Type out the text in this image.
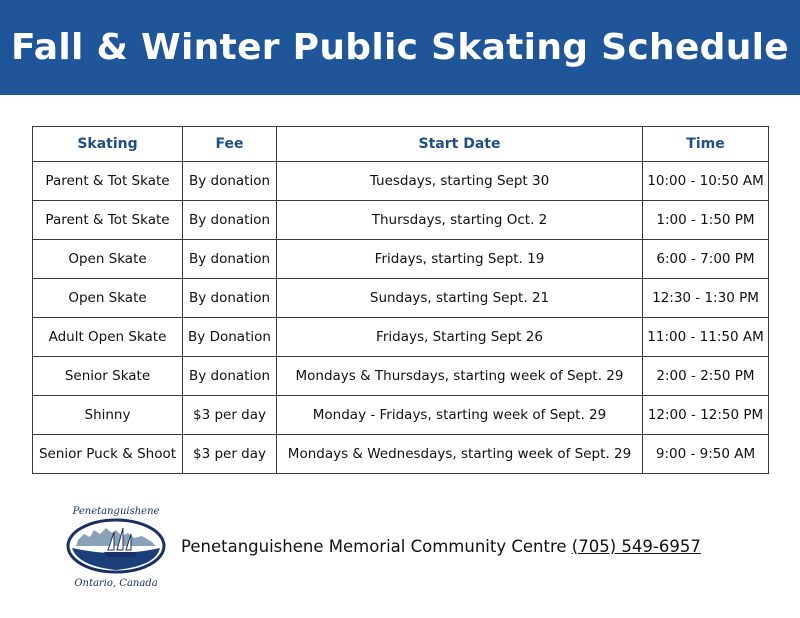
Fall & Winter Public Skating Schedule
Skating	Fee	Start Date	Time
Parent & Tot Skate	By donation	Tuesdays, starting Sept 30	10:00 - 10:50 AM
Parent & Tot Skate	By donation	Thursdays, starting Oct. 2	1:00 - 1:50 PM
Open Skate	By donation	Fridays, starting Sept. 19	6:00 - 7:00 PM
Open Skate	By donation	Sundays, starting Sept. 21	12:30 - 1:30 PM
Adult Open Skate	By Donation	Fridays, Starting Sept 26	11:00 - 11:50 AM
Senior Skate	By donation	Mondays & Thursdays, starting week of Sept. 29	2:00 - 2:50 PM
Shinny	$3 per day	Monday - Fridays, starting week of Sept. 29	12:00 - 12:50 PM
Senior Puck & Shoot	$3 per day	Mondays & Wednesdays, starting week of Sept. 29	9:00 - 9:50 AM
Penetanguishene
Ontario, Canada
Penetanguishene Memorial Community Centre (705) 549-6957
